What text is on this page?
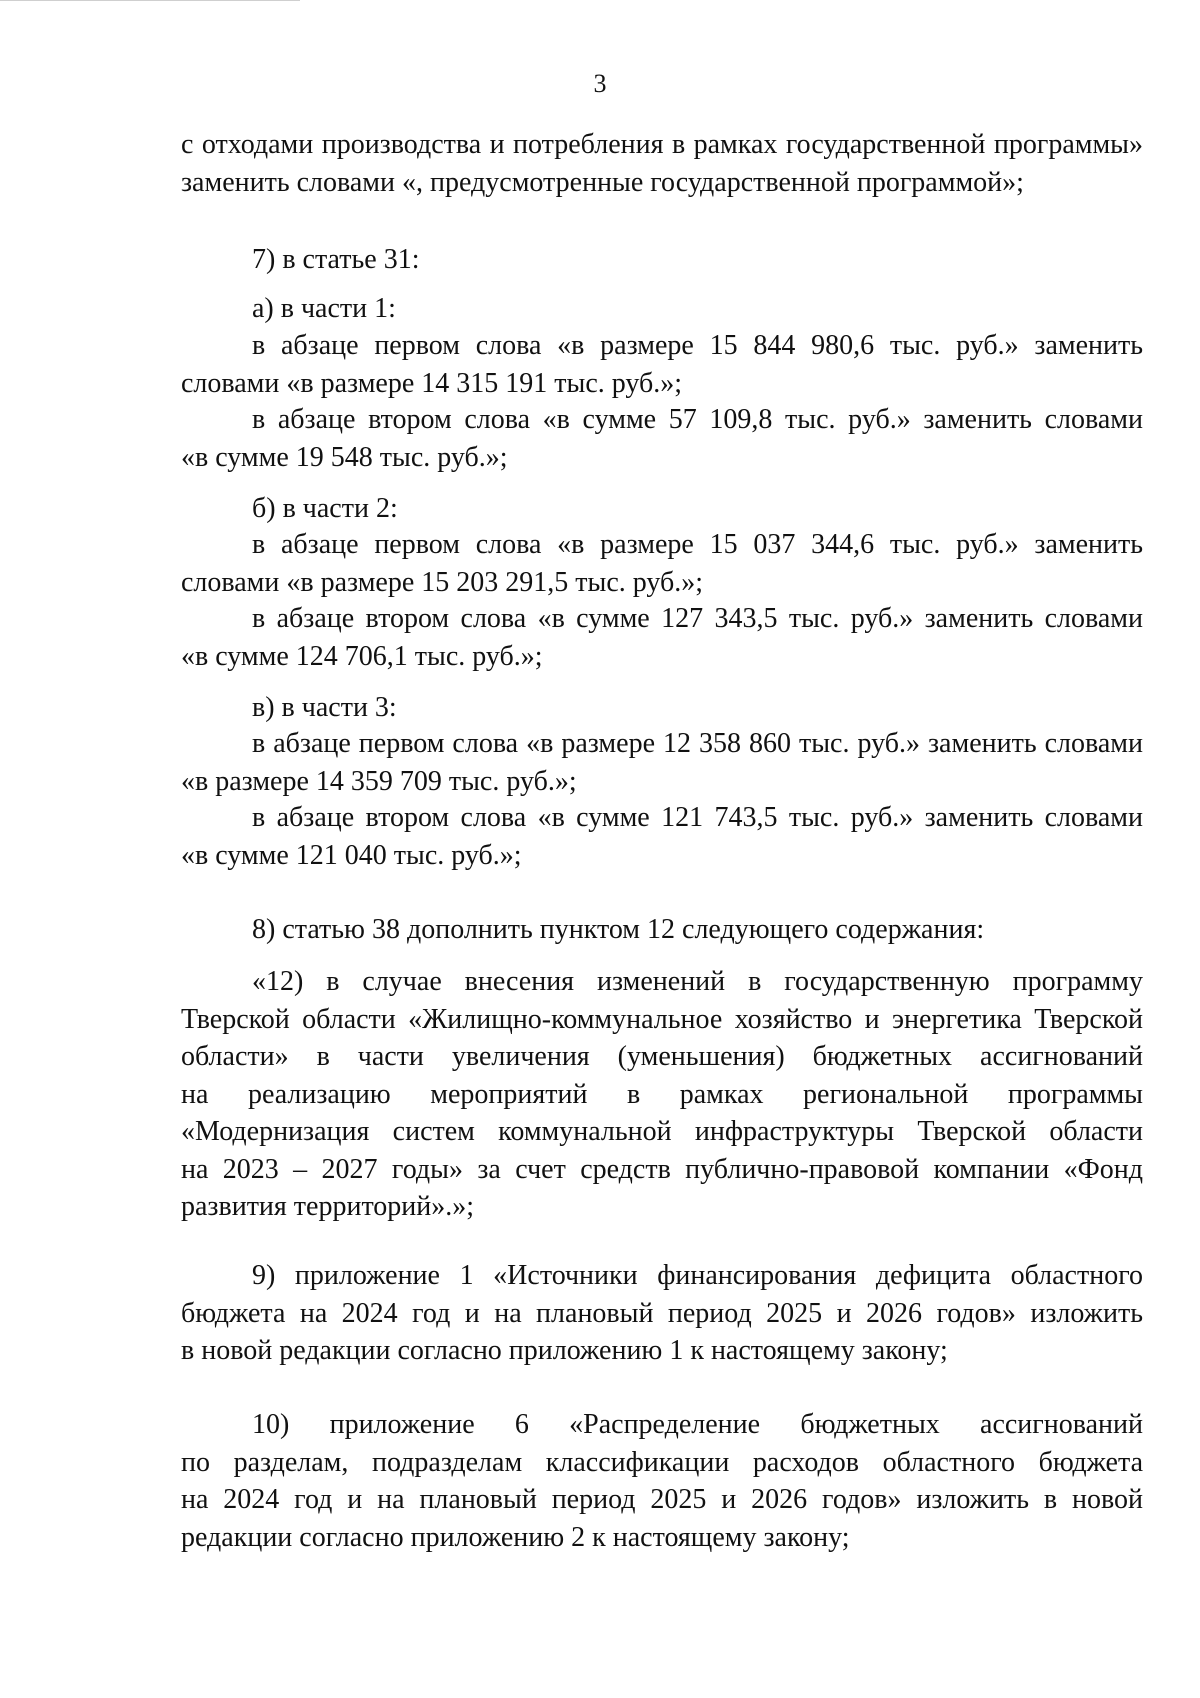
3
с отходами производства и потребления в рамках государственной программы»
заменить словами «, предусмотренные государственной программой»;
7) в статье 31:
а) в части 1:
в абзаце первом слова «в размере 15 844 980,6 тыс. руб.» заменить
словами «в размере 14 315 191 тыс. руб.»;
в абзаце втором слова «в сумме 57 109,8 тыс. руб.» заменить словами
«в сумме 19 548 тыс. руб.»;
б) в части 2:
в абзаце первом слова «в размере 15 037 344,6 тыс. руб.» заменить
словами «в размере 15 203 291,5 тыс. руб.»;
в абзаце втором слова «в сумме 127 343,5 тыс. руб.» заменить словами
«в сумме 124 706,1 тыс. руб.»;
в) в части 3:
в абзаце первом слова «в размере 12 358 860 тыс. руб.» заменить словами
«в размере 14 359 709 тыс. руб.»;
в абзаце втором слова «в сумме 121 743,5 тыс. руб.» заменить словами
«в сумме 121 040 тыс. руб.»;
8) статью 38 дополнить пунктом 12 следующего содержания:
«12) в случае внесения изменений в государственную программу
Тверской области «Жилищно-коммунальное хозяйство и энергетика Тверской
области» в части увеличения (уменьшения) бюджетных ассигнований
на реализацию мероприятий в рамках региональной программы
«Модернизация систем коммунальной инфраструктуры Тверской области
на 2023 – 2027 годы» за счет средств публично-правовой компании «Фонд
развития территорий».»;
9) приложение 1 «Источники финансирования дефицита областного
бюджета на 2024 год и на плановый период 2025 и 2026 годов» изложить
в новой редакции согласно приложению 1 к настоящему закону;
10) приложение 6 «Распределение бюджетных ассигнований
по разделам, подразделам классификации расходов областного бюджета
на 2024 год и на плановый период 2025 и 2026 годов» изложить в новой
редакции согласно приложению 2 к настоящему закону;
